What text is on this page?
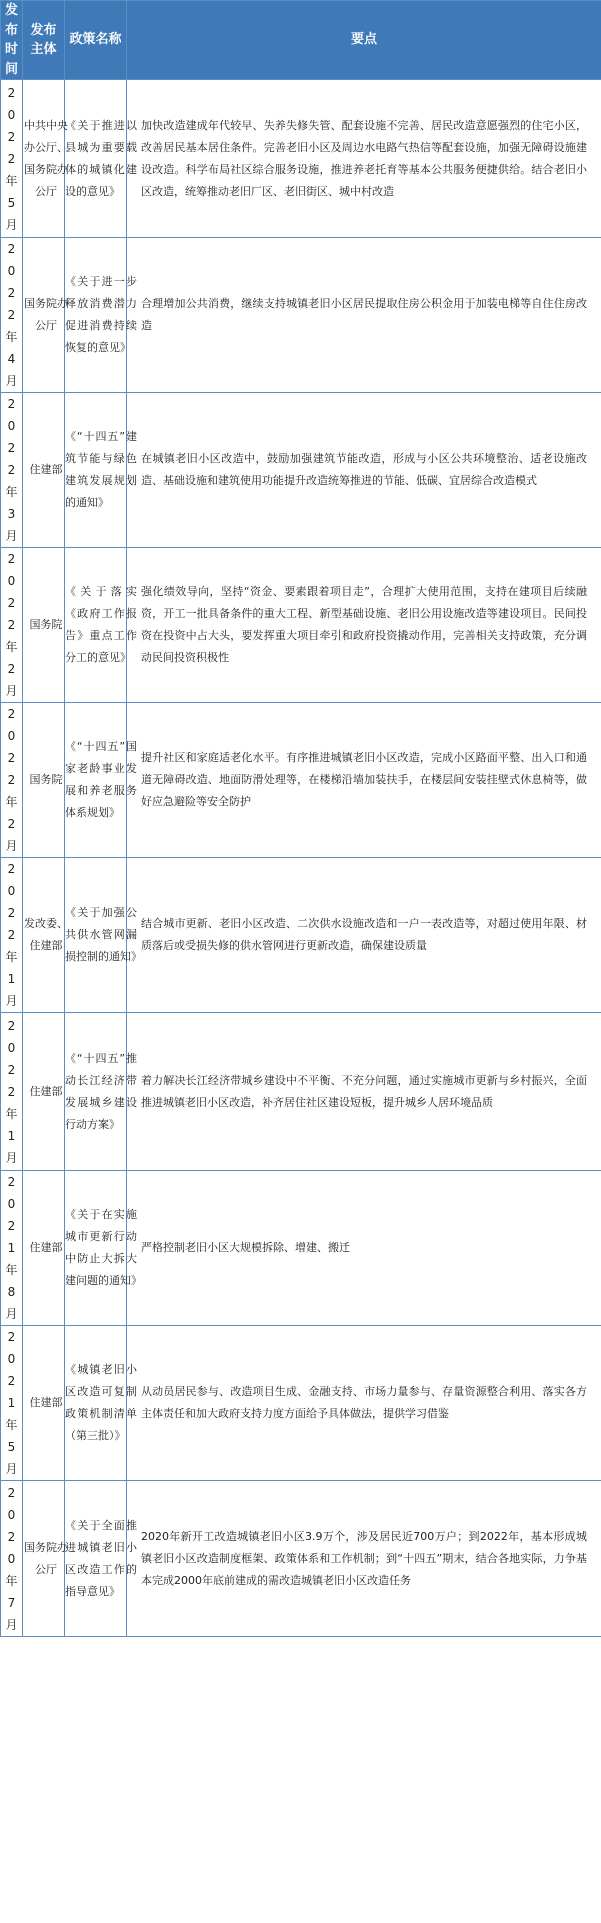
发布时间	发布主体	政策名称	要点

2022年5月	中共中央办公厅、国务院办公厅	《关于推进以县城为重要载体的城镇化建设的意见》	加快改造建成年代较早、失养失修失管、配套设施不完善、居民改造意愿强烈的住宅小区，改善居民基本居住条件。完善老旧小区及周边水电路气热信等配套设施，加强无障碍设施建设改造。科学布局社区综合服务设施，推进养老托育等基本公共服务便捷供给。结合老旧小区改造，统筹推动老旧厂区、老旧街区、城中村改造

2022年4月	国务院办公厅	《关于进一步释放消费潜力促进消费持续恢复的意见》	合理增加公共消费，继续支持城镇老旧小区居民提取住房公积金用于加装电梯等自住住房改造

2022年3月	住建部	《“十四五”建筑节能与绿色建筑发展规划的通知》	在城镇老旧小区改造中，鼓励加强建筑节能改造，形成与小区公共环境整治、适老设施改造、基础设施和建筑使用功能提升改造统筹推进的节能、低碳、宜居综合改造模式

2022年2月	国务院	《关于落实《政府工作报告》重点工作分工的意见》	强化绩效导向，坚持“资金、要素跟着项目走”，合理扩大使用范围，支持在建项目后续融资，开工一批具备条件的重大工程、新型基础设施、老旧公用设施改造等建设项目。民间投资在投资中占大头，要发挥重大项目牵引和政府投资撬动作用，完善相关支持政策，充分调动民间投资积极性

2022年2月	国务院	《“十四五”国家老龄事业发展和养老服务体系规划》	提升社区和家庭适老化水平。有序推进城镇老旧小区改造，完成小区路面平整、出入口和通道无障碍改造、地面防滑处理等，在楼梯沿墙加装扶手，在楼层间安装挂壁式休息椅等，做好应急避险等安全防护

2022年1月	发改委、住建部	《关于加强公共供水管网漏损控制的通知》	结合城市更新、老旧小区改造、二次供水设施改造和一户一表改造等，对超过使用年限、材质落后或受损失修的供水管网进行更新改造，确保建设质量

2022年1月	住建部	《“十四五”推动长江经济带发展城乡建设行动方案》	着力解决长江经济带城乡建设中不平衡、不充分问题，通过实施城市更新与乡村振兴，全面推进城镇老旧小区改造，补齐居住社区建设短板，提升城乡人居环境品质

2021年8月	住建部	《关于在实施城市更新行动中防止大拆大建问题的通知》	严格控制老旧小区大规模拆除、增建、搬迁

2021年5月	住建部	《城镇老旧小区改造可复制政策机制清单（第三批）》	从动员居民参与、改造项目生成、金融支持、市场力量参与、存量资源整合利用、落实各方主体责任和加大政府支持力度方面给予具体做法，提供学习借鉴

2020年7月	国务院办公厅	《关于全面推进城镇老旧小区改造工作的指导意见》	2020年新开工改造城镇老旧小区3.9万个，涉及居民近700万户；到2022年，基本形成城镇老旧小区改造制度框架、政策体系和工作机制；到“十四五”期末，结合各地实际，力争基本完成2000年底前建成的需改造城镇老旧小区改造任务
